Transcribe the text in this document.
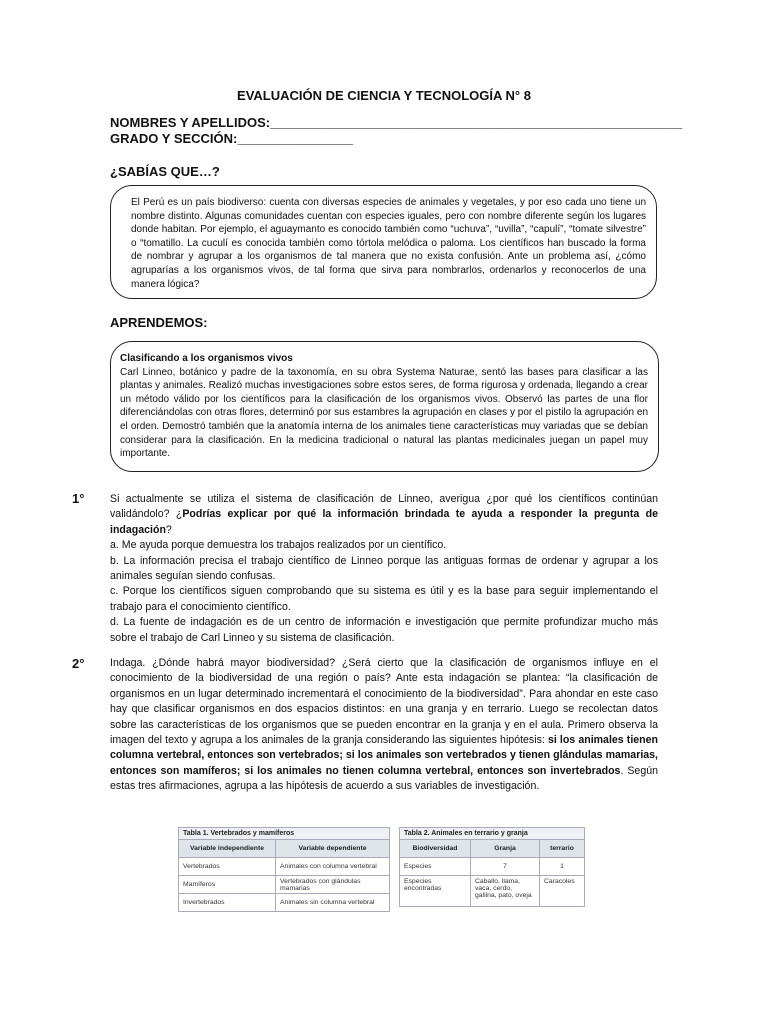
EVALUACIÓN DE CIENCIA Y TECNOLOGÍA N° 8
NOMBRES Y APELLIDOS:_________________________________________________________
GRADO Y SECCIÓN:________________
¿SABÍAS QUE…?
El Perú es un país biodiverso: cuenta con diversas especies de animales y vegetales, y por eso cada uno tiene un nombre distinto. Algunas comunidades cuentan con especies iguales, pero con nombre diferente según los lugares donde habitan. Por ejemplo, el aguaymanto es conocido también como “uchuva”, “uvilla”, “capulí”, “tomate silvestre” o “tomatillo. La cuculí es conocida también como tórtola melódica o paloma. Los científicos han buscado la forma de nombrar y agrupar a los organismos de tal manera que no exista confusión. Ante un problema así, ¿cómo agruparías a los organismos vivos, de tal forma que sirva para nombrarlos, ordenarlos y reconocerlos de una manera lógica?
APRENDEMOS:
Clasificando a los organismos vivos
Carl Linneo, botánico y padre de la taxonomía, en su obra Systema Naturae, sentó las bases para clasificar a las plantas y animales. Realizó muchas investigaciones sobre estos seres, de forma rigurosa y ordenada, llegando a crear un método válido por los científicos para la clasificación de los organismos vivos. Observó las partes de una flor diferenciándolas con otras flores, determinó por sus estambres la agrupación en clases y por el pistilo la agrupación en el orden. Demostró también que la anatomía interna de los animales tiene características muy variadas que se debían considerar para la clasificación. En la medicina tradicional o natural las plantas medicinales juegan un papel muy importante.
1° Si actualmente se utiliza el sistema de clasificación de Linneo, averigua ¿por qué los científicos continúan validándolo? ¿Podrías explicar por qué la información brindada te ayuda a responder la pregunta de indagación?

a. Me ayuda porque demuestra los trabajos realizados por un científico.

b. La información precisa el trabajo científico de Linneo porque las antiguas formas de ordenar y agrupar a los animales seguían siendo confusas.

c. Porque los científicos siguen comprobando que su sistema es útil y es la base para seguir implementando el trabajo para el conocimiento científico.

d. La fuente de indagación es de un centro de información e investigación que permite profundizar mucho más sobre el trabajo de Carl Linneo y su sistema de clasificación.

2° Indaga. ¿Dónde habrá mayor biodiversidad? ¿Será cierto que la clasificación de organismos influye en el conocimiento de la biodiversidad de una región o país? Ante esta indagación se plantea: “la clasificación de organismos en un lugar determinado incrementará el conocimiento de la biodiversidad”. Para ahondar en este caso hay que clasificar organismos en dos espacios distintos: en una granja y en terrario. Luego se recolectan datos sobre las características de los organismos que se pueden encontrar en la granja y en el aula. Primero observa la imagen del texto y agrupa a los animales de la granja considerando las siguientes hipótesis: si los animales tienen columna vertebral, entonces son vertebrados; si los animales son vertebrados y tienen glándulas mamarias, entonces son mamíferos; si los animales no tienen columna vertebral, entonces son invertebrados. Según estas tres afirmaciones, agrupa a las hipótesis de acuerdo a sus variables de investigación.

Tabla 1. Vertebrados y mamíferos
Variable independiente	Variable dependiente
Vertebrados	Animales con columna vertebral
Mamíferos	Vertebrados con glándulas mamarias
Invertebrados	Animales sin columna vertebral
Tabla 2. Animales en terrario y granja
Biodiversidad	Granja	terrario
Especies	7	1
Especies encontradas	Caballo, llama, vaca, cerdo, gallina, pato, oveja	Caracoles
